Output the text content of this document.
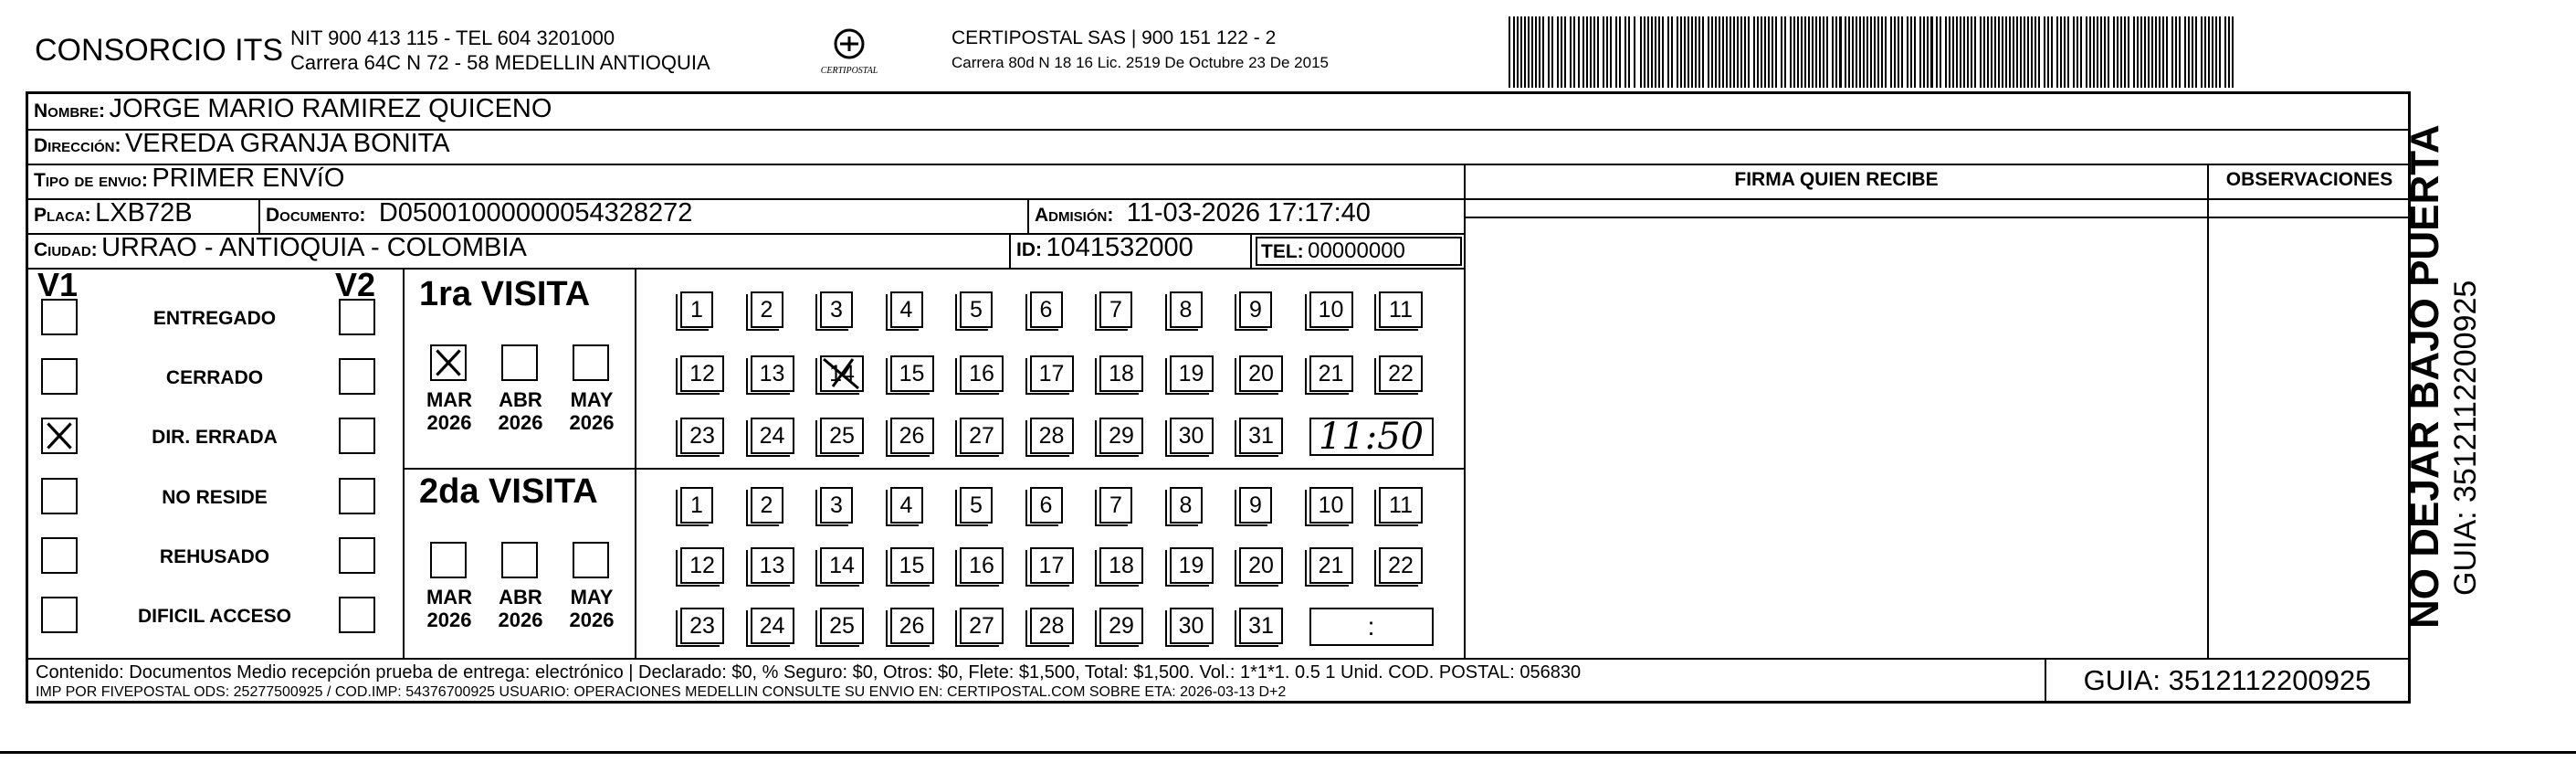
CONSORCIO ITS NIT 900 413 115 - TEL 604 3201000
Carrera 64C N 72 - 58 MEDELLIN ANTIOQUIA	CERTIPOSTAL
CERTIPOSTAL SAS | 900 151 122 - 2
Carrera 80d N 18 16 Lic. 2519 De Octubre 23 De 2015
Nombre: JORGE MARIO RAMIREZ QUICENO
Dirección: VEREDA GRANJA BONITA
Tipo de envio: PRIMER ENVíO	FIRMA QUIEN RECIBE	OBSERVACIONES
Placa: LXB72B	Documento: D05001000000054328272	Admisión: 11-03-2026 17:17:40
Ciudad: URRAO - ANTIOQUIA - COLOMBIA	ID: 1041532000	TEL: 00000000
V1	V2
ENTREGADO
CERRADO
DIR. ERRADA
NO RESIDE
REHUSADO
DIFICIL ACCESO
1ra VISITA
MAR
2026
ABR
2026
MAY
2026
1	2	3	4	5	6	7	8	9	10	11
12	13	14	15	16	17	18	19	20	21	22
23	24	25	26	27	28	29	30	31 11:50
2da VISITA
MAR
2026
ABR
2026
MAY
2026
1	2	3	4	5	6	7	8	9	10	11
12	13	14	15	16	17	18	19	20	21	22
23	24	25	26	27	28	29	30	31	:
Contenido: Documentos Medio recepción prueba de entrega: electrónico | Declarado: $0, % Seguro: $0, Otros: $0, Flete: $1,500, Total: $1,500. Vol.: 1*1*1. 0.5 1 Unid. COD. POSTAL: 056830
IMP POR FIVEPOSTAL ODS: 25277500925 / COD.IMP: 54376700925 USUARIO: OPERACIONES MEDELLIN CONSULTE SU ENVIO EN: CERTIPOSTAL.COM SOBRE ETA: 2026-03-13 D+2	GUIA: 3512112200925
NO DEJAR BAJO PUERTA GUIA: 3512112200925
